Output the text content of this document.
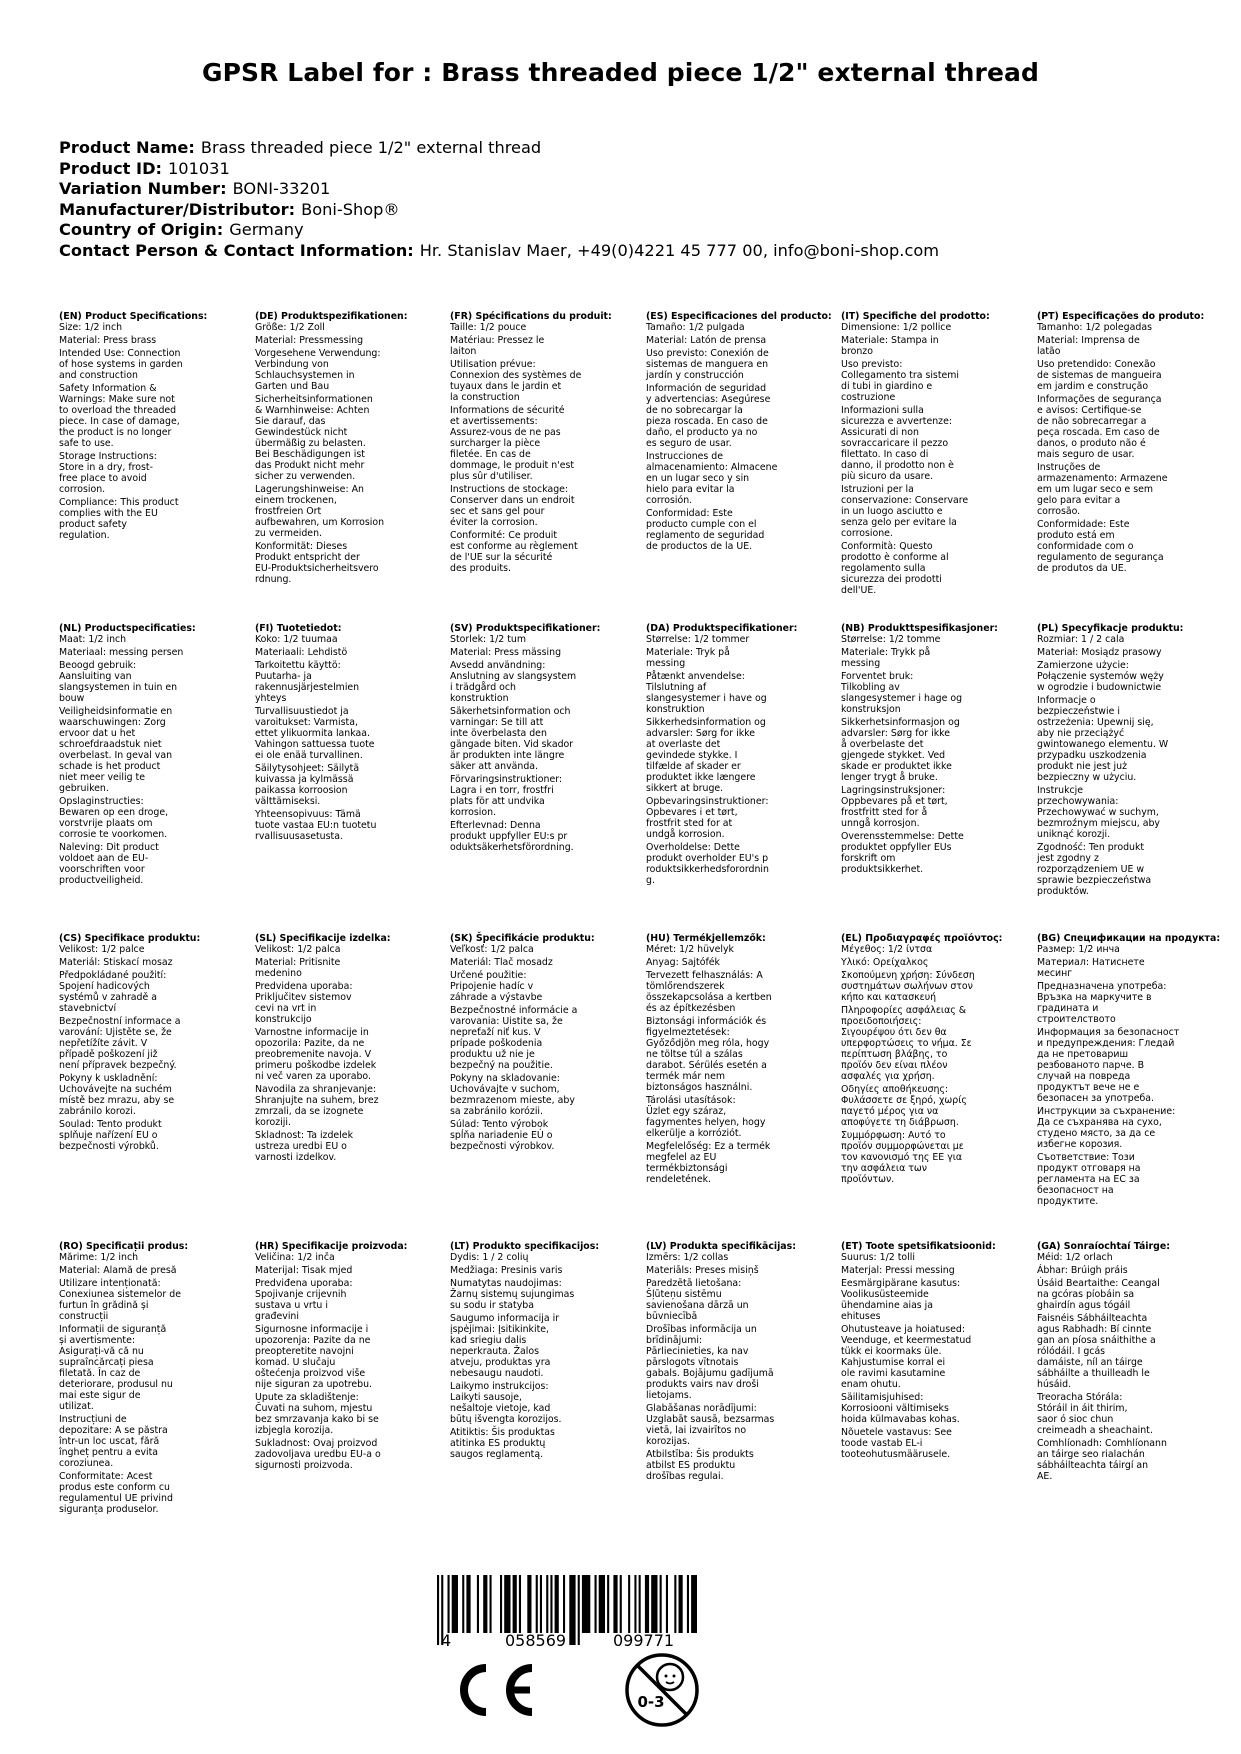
GPSR Label for : Brass threaded piece 1/2" external thread
Product Name: Brass threaded piece 1/2" external thread
Product ID: 101031
Variation Number: BONI-33201
Manufacturer/Distributor: Boni-Shop®
Country of Origin: Germany
Contact Person & Contact Information: Hr. Stanislav Maer, +49(0)4221 45 777 00, info@boni-shop.com
(EN) Product Specifications:
Size: 1/2 inch
Material: Press brass
Intended Use: Connection
of hose systems in garden
and construction
Safety Information &
Warnings: Make sure not
to overload the threaded
piece. In case of damage,
the product is no longer
safe to use.
Storage Instructions:
Store in a dry, frost-
free place to avoid
corrosion.
Compliance: This product
complies with the EU
product safety
regulation.
(DE) Produktspezifikationen:
Größe: 1/2 Zoll
Material: Pressmessing
Vorgesehene Verwendung:
Verbindung von
Schlauchsystemen in
Garten und Bau
Sicherheitsinformationen
& Warnhinweise: Achten
Sie darauf, das
Gewindestück nicht
übermäßig zu belasten.
Bei Beschädigungen ist
das Produkt nicht mehr
sicher zu verwenden.
Lagerungshinweise: An
einem trockenen,
frostfreien Ort
aufbewahren, um Korrosion
zu vermeiden.
Konformität: Dieses
Produkt entspricht der
EU-Produktsicherheitsvero
rdnung.
(FR) Spécifications du produit:
Taille: 1/2 pouce
Matériau: Pressez le
laiton
Utilisation prévue:
Connexion des systèmes de
tuyaux dans le jardin et
la construction
Informations de sécurité
et avertissements:
Assurez-vous de ne pas
surcharger la pièce
filetée. En cas de
dommage, le produit n'est
plus sûr d'utiliser.
Instructions de stockage:
Conserver dans un endroit
sec et sans gel pour
éviter la corrosion.
Conformité: Ce produit
est conforme au règlement
de l'UE sur la sécurité
des produits.
(ES) Especificaciones del producto:
Tamaño: 1/2 pulgada
Material: Latón de prensa
Uso previsto: Conexión de
sistemas de manguera en
jardín y construcción
Información de seguridad
y advertencias: Asegúrese
de no sobrecargar la
pieza roscada. En caso de
daño, el producto ya no
es seguro de usar.
Instrucciones de
almacenamiento: Almacene
en un lugar seco y sin
hielo para evitar la
corrosión.
Conformidad: Este
producto cumple con el
reglamento de seguridad
de productos de la UE.
(IT) Specifiche del prodotto:
Dimensione: 1/2 pollice
Materiale: Stampa in
bronzo
Uso previsto:
Collegamento tra sistemi
di tubi in giardino e
costruzione
Informazioni sulla
sicurezza e avvertenze:
Assicurati di non
sovraccaricare il pezzo
filettato. In caso di
danno, il prodotto non è
più sicuro da usare.
Istruzioni per la
conservazione: Conservare
in un luogo asciutto e
senza gelo per evitare la
corrosione.
Conformità: Questo
prodotto è conforme al
regolamento sulla
sicurezza dei prodotti
dell'UE.
(PT) Especificações do produto:
Tamanho: 1/2 polegadas
Material: Imprensa de
latão
Uso pretendido: Conexão
de sistemas de mangueira
em jardim e construção
Informações de segurança
e avisos: Certifique-se
de não sobrecarregar a
peça roscada. Em caso de
danos, o produto não é
mais seguro de usar.
Instruções de
armazenamento: Armazene
em um lugar seco e sem
gelo para evitar a
corrosão.
Conformidade: Este
produto está em
conformidade com o
regulamento de segurança
de produtos da UE.
(NL) Productspecificaties:
Maat: 1/2 inch
Materiaal: messing persen
Beoogd gebruik:
Aansluiting van
slangsystemen in tuin en
bouw
Veiligheidsinformatie en
waarschuwingen: Zorg
ervoor dat u het
schroefdraadstuk niet
overbelast. In geval van
schade is het product
niet meer veilig te
gebruiken.
Opslaginstructies:
Bewaren op een droge,
vorstvrije plaats om
corrosie te voorkomen.
Naleving: Dit product
voldoet aan de EU-
voorschriften voor
productveiligheid.
(FI) Tuotetiedot:
Koko: 1/2 tuumaa
Materiaali: Lehdistö
Tarkoitettu käyttö:
Puutarha- ja
rakennusjärjestelmien
yhteys
Turvallisuustiedot ja
varoitukset: Varmista,
ettet ylikuormita lankaa.
Vahingon sattuessa tuote
ei ole enää turvallinen.
Säilytysohjeet: Säilytä
kuivassa ja kylmässä
paikassa korroosion
välttämiseksi.
Yhteensopivuus: Tämä
tuote vastaa EU:n tuotetu
rvallisuusasetusta.
(SV) Produktspecifikationer:
Storlek: 1/2 tum
Material: Press mässing
Avsedd användning:
Anslutning av slangsystem
i trädgård och
konstruktion
Säkerhetsinformation och
varningar: Se till att
inte överbelasta den
gängade biten. Vid skador
är produkten inte längre
säker att använda.
Förvaringsinstruktioner:
Lagra i en torr, frostfri
plats för att undvika
korrosion.
Efterlevnad: Denna
produkt uppfyller EU:s pr
oduktsäkerhetsförordning.
(DA) Produktspecifikationer:
Størrelse: 1/2 tommer
Materiale: Tryk på
messing
Påtænkt anvendelse:
Tilslutning af
slangesystemer i have og
konstruktion
Sikkerhedsinformation og
advarsler: Sørg for ikke
at overlaste det
gevindede stykke. I
tilfælde af skader er
produktet ikke længere
sikkert at bruge.
Opbevaringsinstruktioner:
Opbevares i et tørt,
frostfrit sted for at
undgå korrosion.
Overholdelse: Dette
produkt overholder EU's p
roduktsikkerhedsforordnin
g.
(NB) Produkttspesifikasjoner:
Størrelse: 1/2 tomme
Materiale: Trykk på
messing
Forventet bruk:
Tilkobling av
slangesystemer i hage og
konstruksjon
Sikkerhetsinformasjon og
advarsler: Sørg for ikke
å overbelaste det
gjengede stykket. Ved
skade er produktet ikke
lenger trygt å bruke.
Lagringsinstruksjoner:
Oppbevares på et tørt,
frostfritt sted for å
unngå korrosjon.
Overensstemmelse: Dette
produktet oppfyller EUs
forskrift om
produktsikkerhet.
(PL) Specyfikacje produktu:
Rozmiar: 1 / 2 cala
Materiał: Mosiądz prasowy
Zamierzone użycie:
Połączenie systemów węży
w ogrodzie i budownictwie
Informacje o
bezpieczeństwie i
ostrzeżenia: Upewnij się,
aby nie przeciążyć
gwintowanego elementu. W
przypadku uszkodzenia
produkt nie jest już
bezpieczny w użyciu.
Instrukcje
przechowywania:
Przechowywać w suchym,
bezmroźnym miejscu, aby
uniknąć korozji.
Zgodność: Ten produkt
jest zgodny z
rozporządzeniem UE w
sprawie bezpieczeństwa
produktów.
(CS) Specifikace produktu:
Velikost: 1/2 palce
Materiál: Stiskací mosaz
Předpokládané použití:
Spojení hadicových
systémů v zahradě a
stavebnictví
Bezpečnostní informace a
varování: Ujistěte se, že
nepřetížíte závit. V
případě poškození již
není přípravek bezpečný.
Pokyny k uskladnění:
Uchovávejte na suchém
místě bez mrazu, aby se
zabránilo korozi.
Soulad: Tento produkt
splňuje nařízení EU o
bezpečnosti výrobků.
(SL) Specifikacije izdelka:
Velikost: 1/2 palca
Material: Pritisnite
medenino
Predvidena uporaba:
Priključitev sistemov
cevi na vrt in
konstrukcijo
Varnostne informacije in
opozorila: Pazite, da ne
preobremenite navoja. V
primeru poškodbe izdelek
ni več varen za uporabo.
Navodila za shranjevanje:
Shranjujte na suhem, brez
zmrzali, da se izognete
koroziji.
Skladnost: Ta izdelek
ustreza uredbi EU o
varnosti izdelkov.
(SK) Špecifikácie produktu:
Veľkosť: 1/2 palca
Materiál: Tlač mosadz
Určené použitie:
Pripojenie hadíc v
záhrade a výstavbe
Bezpečnostné informácie a
varovania: Uistite sa, že
nepreťaží niť kus. V
prípade poškodenia
produktu už nie je
bezpečný na použitie.
Pokyny na skladovanie:
Uchovávajte v suchom,
bezmrazenom mieste, aby
sa zabránilo korózii.
Súlad: Tento výrobok
spĺňa nariadenie EÚ o
bezpečnosti výrobkov.
(HU) Termékjellemzők:
Méret: 1/2 hüvelyk
Anyag: Sajtófék
Tervezett felhasználás: A
tömlőrendszerek
összekapcsolása a kertben
és az építkezésben
Biztonsági információk és
figyelmeztetések:
Győződjön meg róla, hogy
ne töltse túl a szálas
darabot. Sérülés esetén a
termék már nem
biztonságos használni.
Tárolási utasítások:
Üzlet egy száraz,
fagymentes helyen, hogy
elkerülje a korróziót.
Megfelelőség: Ez a termék
megfelel az EU
termékbiztonsági
rendeletének.
(EL) Προδιαγραφές προϊόντος:
Μέγεθος: 1/2 ίντσα
Υλικό: Ορείχαλκος
Σκοπούμενη χρήση: Σύνδεση
συστημάτων σωλήνων στον
κήπο και κατασκευή
Πληροφορίες ασφάλειας &
προειδοποιήσεις:
Σιγουρέψου ότι δεν θα
υπερφορτώσεις το νήμα. Σε
περίπτωση βλάβης, το
προϊόν δεν είναι πλέον
ασφαλές για χρήση.
Οδηγίες αποθήκευσης:
Φυλάσσετε σε ξηρό, χωρίς
παγετό μέρος για να
αποφύγετε τη διάβρωση.
Συμμόρφωση: Αυτό το
προϊόν συμμορφώνεται με
τον κανονισμό της ΕΕ για
την ασφάλεια των
προϊόντων.
(BG) Спецификации на продукта:
Размер: 1/2 инча
Материал: Натиснете
месинг
Предназначена употреба:
Връзка на маркучите в
градината и
строителството
Информация за безопасност
и предупреждения: Гледай
да не претовариш
резбованото парче. В
случай на повреда
продуктът вече не е
безопасен за употреба.
Инструкции за съхранение:
Да се съхранява на сухо,
студено място, за да се
избегне корозия.
Съответствие: Този
продукт отговаря на
регламента на ЕС за
безопасност на
продуктите.
(RO) Specificații produs:
Mărime: 1/2 inch
Material: Alamă de presă
Utilizare intenționată:
Conexiunea sistemelor de
furtun în grădină și
construcții
Informații de siguranță
și avertismente:
Asigurați-vă că nu
supraîncărcați piesa
filetată. În caz de
deteriorare, produsul nu
mai este sigur de
utilizat.
Instrucțiuni de
depozitare: A se păstra
într-un loc uscat, fără
îngheț pentru a evita
coroziunea.
Conformitate: Acest
produs este conform cu
regulamentul UE privind
siguranța produselor.
(HR) Specifikacije proizvoda:
Veličina: 1/2 inča
Materijal: Tisak mjed
Predviđena uporaba:
Spojivanje crijevnih
sustava u vrtu i
građevini
Sigurnosne informacije i
upozorenja: Pazite da ne
preopteretite navojni
komad. U slučaju
oštećenja proizvod više
nije siguran za upotrebu.
Upute za skladištenje:
Čuvati na suhom, mjestu
bez smrzavanja kako bi se
izbjegla korozija.
Sukladnost: Ovaj proizvod
zadovoljava uredbu EU-a o
sigurnosti proizvoda.
(LT) Produkto specifikacijos:
Dydis: 1 / 2 colių
Medžiaga: Presinis varis
Numatytas naudojimas:
Žarnų sistemų sujungimas
su sodu ir statyba
Saugumo informacija ir
įspėjimai: Įsitikinkite,
kad sriegiu dalis
neperkrauta. Žalos
atveju, produktas yra
nebesaugu naudoti.
Laikymo instrukcijos:
Laikyti sausoje,
nešaltoje vietoje, kad
būtų išvengta korozijos.
Atitiktis: Šis produktas
atitinka ES produktų
saugos reglamentą.
(LV) Produkta specifikācijas:
Izmērs: 1/2 collas
Materiāls: Preses misiņš
Paredzētā lietošana:
Šļūteņu sistēmu
savienošana dārzā un
būvniecībā
Drošības informācija un
brīdinājumi:
Pārliecinieties, ka nav
pārslogots vītnotais
gabals. Bojājumu gadījumā
produkts vairs nav droši
lietojams.
Glabāšanas norādījumi:
Uzglabāt sausā, bezsarmas
vietā, lai izvairītos no
korozijas.
Atbilstība: Šis produkts
atbilst ES produktu
drošības regulai.
(ET) Toote spetsifikatsioonid:
Suurus: 1/2 tolli
Materjal: Pressi messing
Eesmärgipärane kasutus:
Voolikusüsteemide
ühendamine aias ja
ehituses
Ohutusteave ja hoiatused:
Veenduge, et keermestatud
tükk ei koormaks üle.
Kahjustumise korral ei
ole ravimi kasutamine
enam ohutu.
Säilitamisjuhised:
Korrosiooni vältimiseks
hoida külmavabas kohas.
Nõuetele vastavus: See
toode vastab EL-i
tooteohutusmäärusele.
(GA) Sonraíochtaí Táirge:
Méid: 1/2 orlach
Ábhar: Brúigh práis
Úsáid Beartaithe: Ceangal
na gcóras píobáin sa
ghairdín agus tógáil
Faisnéis Sábháilteachta
agus Rabhadh: Bí cinnte
gan an píosa snáithithe a
rólódáil. I gcás
damáiste, níl an táirge
sábháilte a thuilleadh le
húsáid.
Treoracha Stórála:
Stóráil in áit thirim,
saor ó sioc chun
creimeadh a sheachaint.
Comhlíonadh: Comhlíonann
an táirge seo rialachán
sábháilteachta táirgí an
AE.
4	058569	099771
0-3
